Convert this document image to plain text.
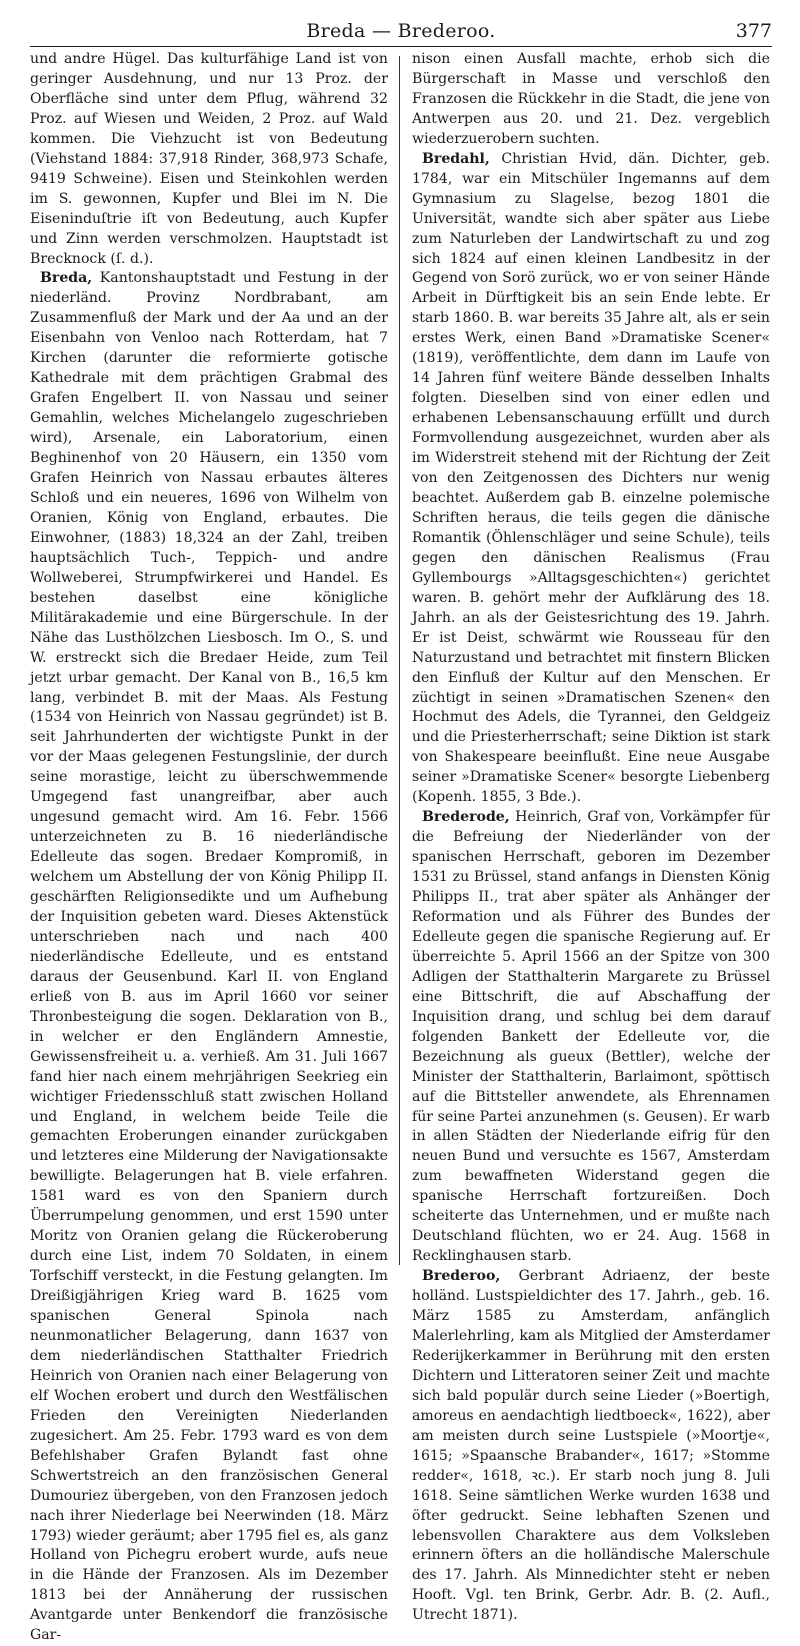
Breda — Brederoo.	377

und andre Hügel. Das kulturfähige Land ist von geringer Ausdehnung, und nur 13 Proz. der Oberfläche sind unter dem Pflug, während 32 Proz. auf Wiesen und Weiden, 2 Proz. auf Wald kommen. Die Viehzucht ist von Bedeutung (Viehstand 1884: 37,918 Rinder, 368,973 Schafe, 9419 Schweine). Eisen und Steinkohlen werden im S. gewonnen, Kupfer und Blei im N. Die Eiseninduſtrie iſt von Bedeutung, auch Kupfer und Zinn werden verschmolzen. Hauptstadt ist Brecknock (ſ. d.).

Breda, Kantonshauptstadt und Festung in der niederländ. Provinz Nordbrabant, am Zusammenfluß der Mark und der Aa und an der Eisenbahn von Venloo nach Rotterdam, hat 7 Kirchen (darunter die reformierte gotische Kathedrale mit dem prächtigen Grabmal des Grafen Engelbert II. von Nassau und seiner Gemahlin, welches Michelangelo zugeschrieben wird), Arsenale, ein Laboratorium, einen Beghinenhof von 20 Häusern, ein 1350 vom Grafen Heinrich von Nassau erbautes älteres Schloß und ein neueres, 1696 von Wilhelm von Oranien, König von England, erbautes. Die Einwohner, (1883) 18,324 an der Zahl, treiben hauptsächlich Tuch-, Teppich- und andre Wollweberei, Strumpfwirkerei und Handel. Es bestehen daselbst eine königliche Militärakademie und eine Bürgerschule. In der Nähe das Lusthölzchen Liesbosch. Im O., S. und W. erstreckt sich die Bredaer Heide, zum Teil jetzt urbar gemacht. Der Kanal von B., 16,5 km lang, verbindet B. mit der Maas. Als Festung (1534 von Heinrich von Nassau gegründet) ist B. seit Jahrhunderten der wichtigste Punkt in der vor der Maas gelegenen Festungslinie, der durch seine morastige, leicht zu überschwemmende Umgegend fast unangreifbar, aber auch ungesund gemacht wird. Am 16. Febr. 1566 unterzeichneten zu B. 16 niederländische Edelleute das sogen. Bredaer Kompromiß, in welchem um Abstellung der von König Philipp II. geschärften Religionsedikte und um Aufhebung der Inquisition gebeten ward. Dieses Aktenstück unterschrieben nach und nach 400 niederländische Edelleute, und es entstand daraus der Geusenbund. Karl II. von England erließ von B. aus im April 1660 vor seiner Thronbesteigung die sogen. Deklaration von B., in welcher er den Engländern Amnestie, Gewissensfreiheit u. a. verhieß. Am 31. Juli 1667 fand hier nach einem mehrjährigen Seekrieg ein wichtiger Friedensschluß statt zwischen Holland und England, in welchem beide Teile die gemachten Eroberungen einander zurückgaben und letzteres eine Milderung der Navigationsakte bewilligte. Belagerungen hat B. viele erfahren. 1581 ward es von den Spaniern durch Überrumpelung genommen, und erst 1590 unter Moritz von Oranien gelang die Rückeroberung durch eine List, indem 70 Soldaten, in einem Torfschiff versteckt, in die Festung gelangten. Im Dreißigjährigen Krieg ward B. 1625 vom spanischen General Spinola nach neunmonatlicher Belagerung, dann 1637 von dem niederländischen Statthalter Friedrich Heinrich von Oranien nach einer Belagerung von elf Wochen erobert und durch den Westfälischen Frieden den Vereinigten Niederlanden zugesichert. Am 25. Febr. 1793 ward es von dem Befehlshaber Grafen Bylandt fast ohne Schwertstreich an den französischen General Dumouriez übergeben, von den Franzosen jedoch nach ihrer Niederlage bei Neerwinden (18. März 1793) wieder geräumt; aber 1795 fiel es, als ganz Holland von Pichegru erobert wurde, aufs neue in die Hände der Franzosen. Als im Dezember 1813 bei der Annäherung der russischen Avantgarde unter Benkendorf die französische Gar-

nison einen Ausfall machte, erhob sich die Bürgerschaft in Masse und verschloß den Franzosen die Rückkehr in die Stadt, die jene von Antwerpen aus 20. und 21. Dez. vergeblich wiederzuerobern suchten.

Bredahl, Christian Hvid, dän. Dichter, geb. 1784, war ein Mitschüler Ingemanns auf dem Gymnasium zu Slagelse, bezog 1801 die Universität, wandte sich aber später aus Liebe zum Naturleben der Landwirtschaft zu und zog sich 1824 auf einen kleinen Landbesitz in der Gegend von Sorö zurück, wo er von seiner Hände Arbeit in Dürftigkeit bis an sein Ende lebte. Er starb 1860. B. war bereits 35 Jahre alt, als er sein erstes Werk, einen Band »Dramatiske Scener« (1819), veröffentlichte, dem dann im Laufe von 14 Jahren fünf weitere Bände desselben Inhalts folgten. Dieselben sind von einer edlen und erhabenen Lebensanschauung erfüllt und durch Formvollendung ausgezeichnet, wurden aber als im Widerstreit stehend mit der Richtung der Zeit von den Zeitgenossen des Dichters nur wenig beachtet. Außerdem gab B. einzelne polemische Schriften heraus, die teils gegen die dänische Romantik (Öhlenschläger und seine Schule), teils gegen den dänischen Realismus (Frau Gyllembourgs »Alltagsgeschichten«) gerichtet waren. B. gehört mehr der Aufklärung des 18. Jahrh. an als der Geistesrichtung des 19. Jahrh. Er ist Deist, schwärmt wie Rousseau für den Naturzustand und betrachtet mit finstern Blicken den Einfluß der Kultur auf den Menschen. Er züchtigt in seinen »Dramatischen Szenen« den Hochmut des Adels, die Tyrannei, den Geldgeiz und die Priesterherrschaft; seine Diktion ist stark von Shakespeare beeinflußt. Eine neue Ausgabe seiner »Dramatiske Scener« besorgte Liebenberg (Kopenh. 1855, 3 Bde.).

Brederode, Heinrich, Graf von, Vorkämpfer für die Befreiung der Niederländer von der spanischen Herrschaft, geboren im Dezember 1531 zu Brüssel, stand anfangs in Diensten König Philipps II., trat aber später als Anhänger der Reformation und als Führer des Bundes der Edelleute gegen die spanische Regierung auf. Er überreichte 5. April 1566 an der Spitze von 300 Adligen der Statthalterin Margarete zu Brüssel eine Bittschrift, die auf Abschaffung der Inquisition drang, und schlug bei dem darauf folgenden Bankett der Edelleute vor, die Bezeichnung als gueux (Bettler), welche der Minister der Statthalterin, Barlaimont, spöttisch auf die Bittsteller anwendete, als Ehrennamen für seine Partei anzunehmen (s. Geusen). Er warb in allen Städten der Niederlande eifrig für den neuen Bund und versuchte es 1567, Amsterdam zum bewaffneten Widerstand gegen die spanische Herrschaft fortzureißen. Doch scheiterte das Unternehmen, und er mußte nach Deutschland flüchten, wo er 24. Aug. 1568 in Recklinghausen starb.

Brederoo, Gerbrant Adriaenz, der beste holländ. Lustspieldichter des 17. Jahrh., geb. 16. März 1585 zu Amsterdam, anfänglich Malerlehrling, kam als Mitglied der Amsterdamer Rederijkerkammer in Berührung mit den ersten Dichtern und Litteratoren seiner Zeit und machte sich bald populär durch seine Lieder (»Boertigh, amoreus en aendachtigh liedtboeck«, 1622), aber am meisten durch seine Lustspiele (»Moortje«, 1615; »Spaansche Brabander«, 1617; »Stomme redder«, 1618, ꝛc.). Er starb noch jung 8. Juli 1618. Seine sämtlichen Werke wurden 1638 und öfter gedruckt. Seine lebhaften Szenen und lebensvollen Charaktere aus dem Volksleben erinnern öfters an die holländische Malerschule des 17. Jahrh. Als Minnedichter steht er neben Hooft. Vgl. ten Brink, Gerbr. Adr. B. (2. Aufl., Utrecht 1871).
